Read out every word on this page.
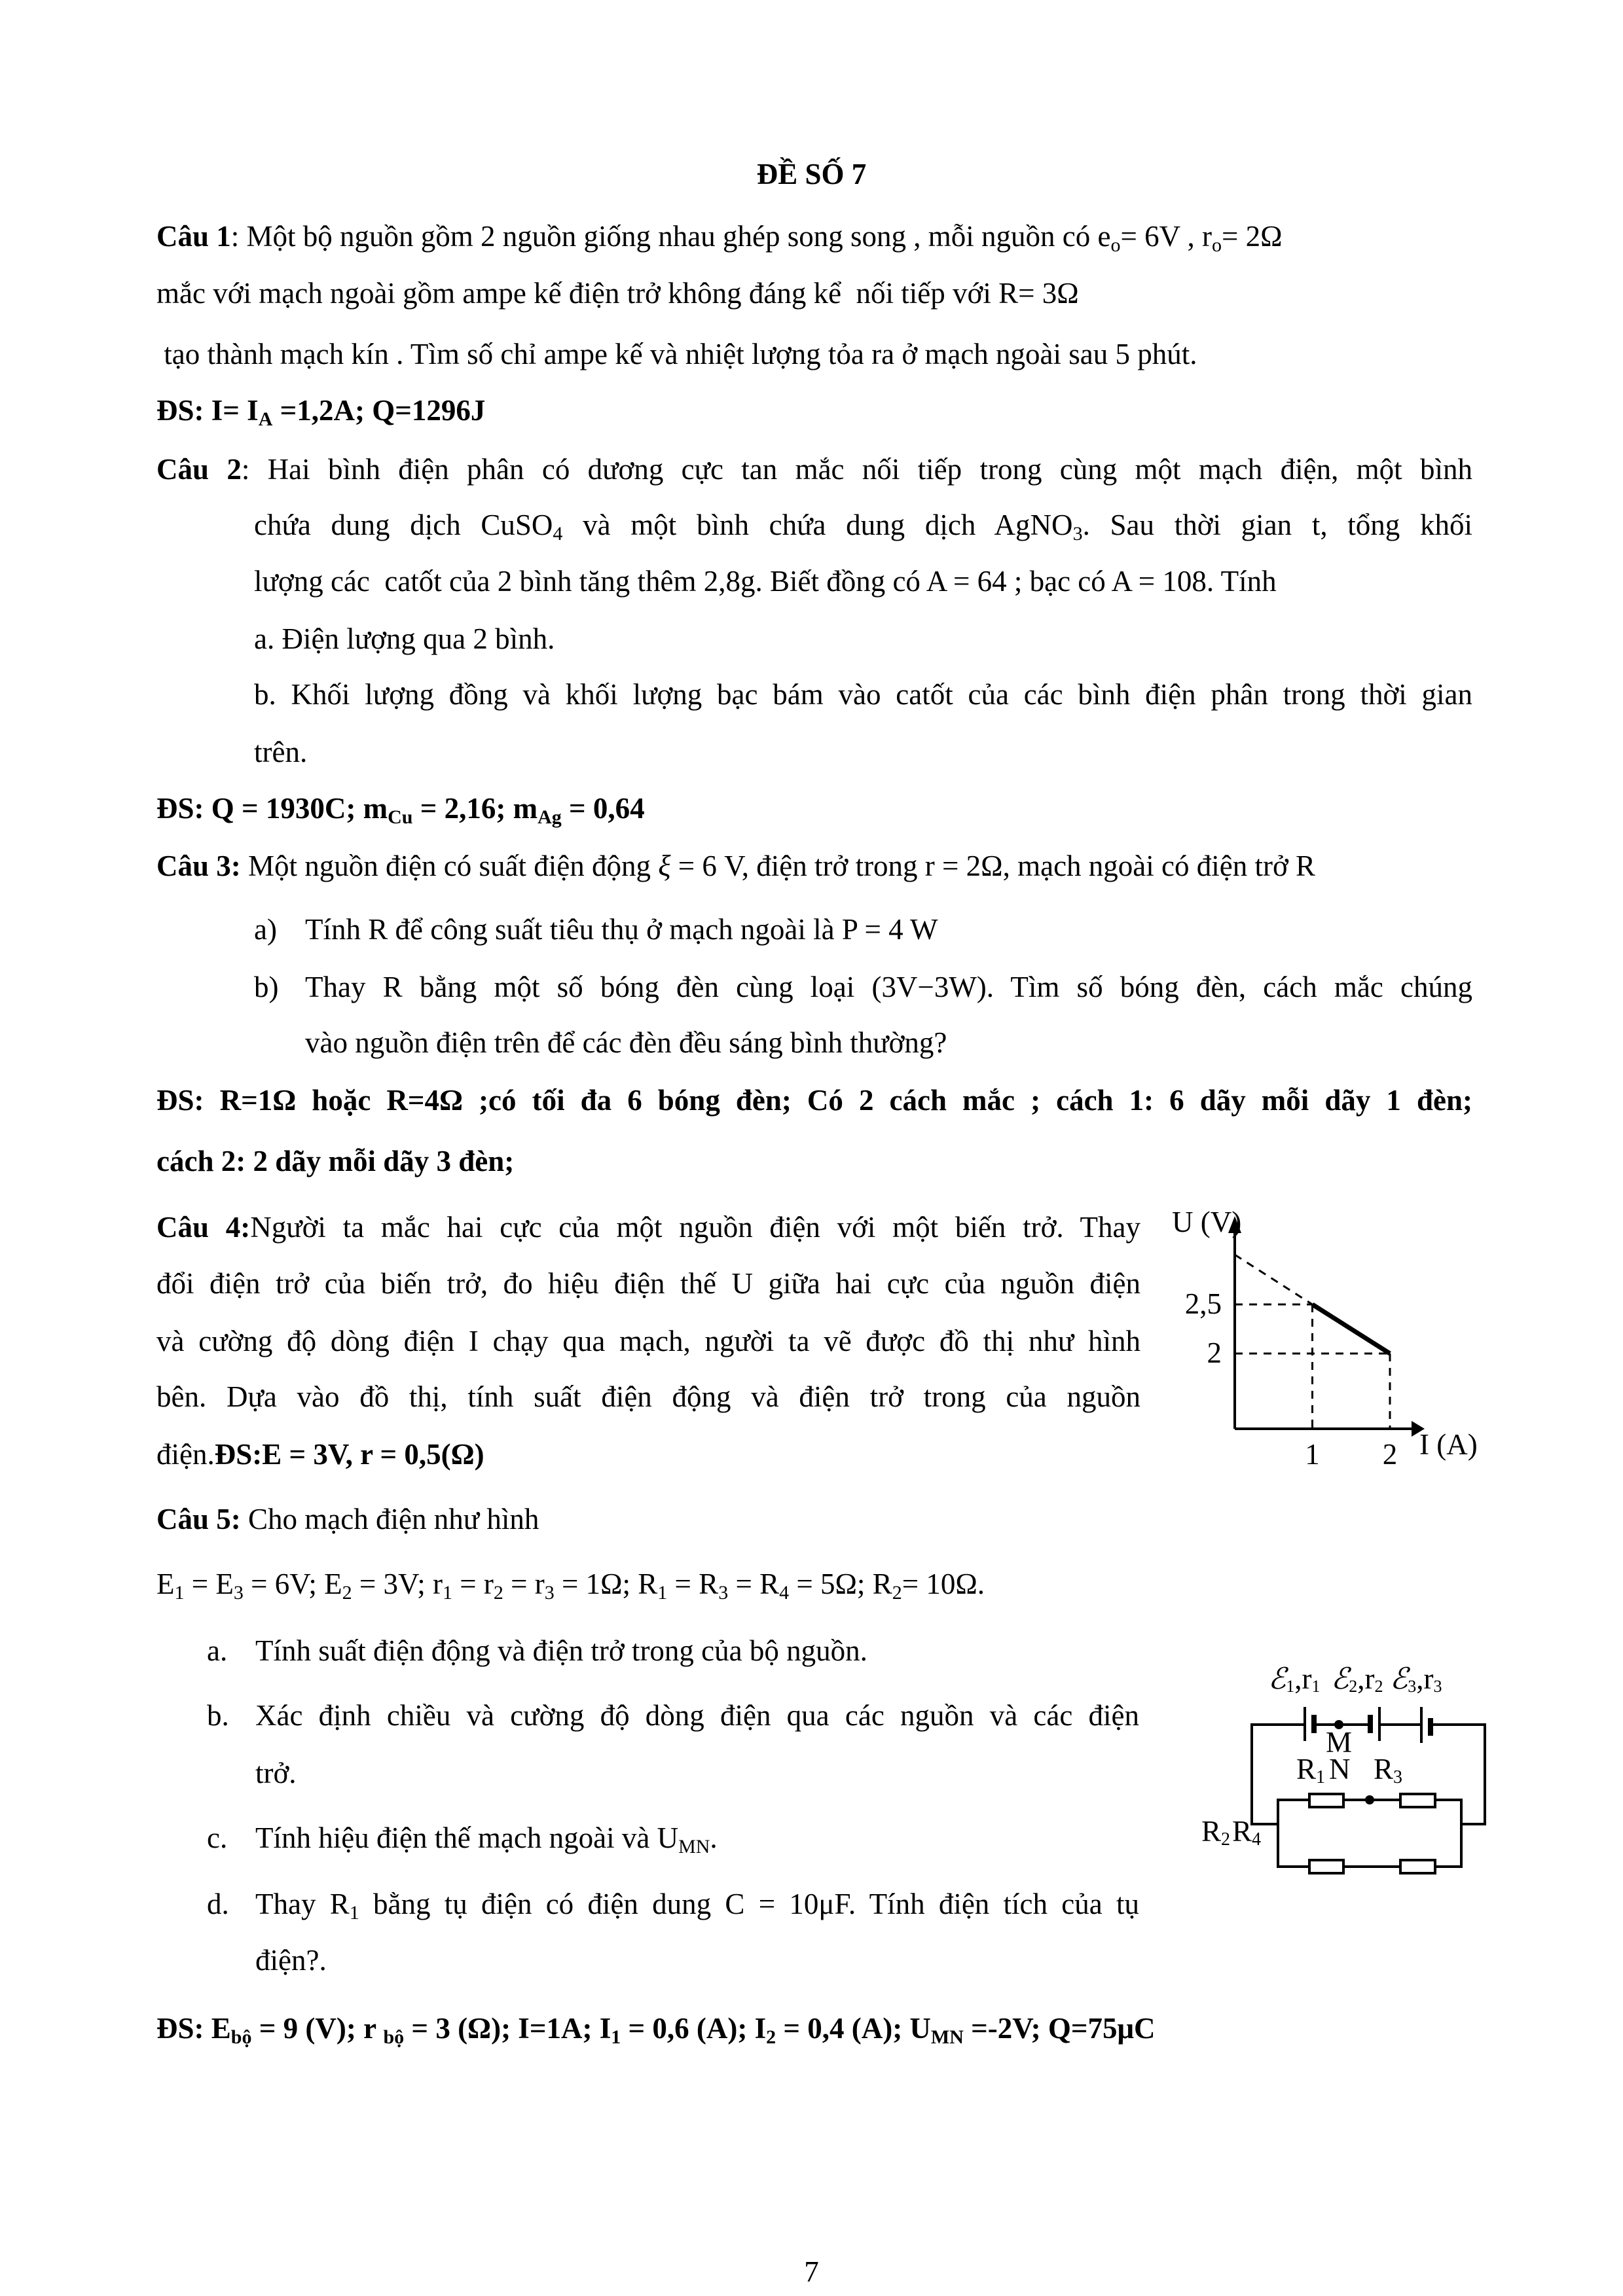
ĐỀ SỐ 7
Câu 1: Một bộ nguồn gồm 2 nguồn giống nhau ghép song song , mỗi nguồn có $e_o= 6V$ , $r_o= 2\Omega$
mắc với mạch ngoài gồm ampe kế điện trở không đáng kể  nối tiếp với R= 3Ω
tạo thành mạch kín . Tìm số chỉ ampe kế và nhiệt lượng tỏa ra ở mạch ngoài sau 5 phút.
ĐS: I= IA =1,2A; Q=1296J
Câu 2: Hai bình điện phân có dương cực tan mắc nối tiếp trong cùng một mạch điện, một bình
chứa dung dịch CuSO$_4$ và một bình chứa dung dịch AgNO$_3$. Sau thời gian t, tổng khối
lượng các  catốt của 2 bình tăng thêm 2,8g. Biết đồng có A = 64 ; bạc có A = 108. Tính
a. Điện lượng qua 2 bình.
b. Khối lượng đồng và khối lượng bạc bám vào catốt của các bình điện phân trong thời gian
trên.
ĐS: Q = 1930C; mCu = 2,16; mAg = 0,64
Câu 3: Một nguồn điện có suất điện động ξ = 6 V, điện trở trong r = 2Ω, mạch ngoài có điện trở R
a) Tính R để công suất tiêu thụ ở mạch ngoài là P = 4 W
b) Thay R bằng một số bóng đèn cùng loại (3V−3W). Tìm số bóng đèn, cách mắc chúng
vào nguồn điện trên để các đèn đều sáng bình thường?
ĐS: R=1Ω hoặc R=4Ω ;có tối đa 6 bóng đèn; Có 2 cách mắc ; cách 1: 6 dãy mỗi dãy 1 đèn;
cách 2: 2 dãy mỗi dãy 3 đèn;
Câu 4:Người ta mắc hai cực của một nguồn điện với một biến trở. Thay
đổi điện trở của biến trở, đo hiệu điện thế U giữa hai cực của nguồn điện
và cường độ dòng điện I chạy qua mạch, người ta vẽ được đồ thị như hình
bên. Dựa vào đồ thị, tính suất điện động và điện trở trong của nguồn
điện.ĐS:E = 3V, r = 0,5(Ω)
Câu 5: Cho mạch điện như hình
$E_1 = E_3 = 6V$; $E_2 = 3V$; $r_1 = r_2 = r_3 = 1\Omega$; $R_1 = R_3 = R_4 = 5\Omega$; $R_2= 10\Omega$.
a. Tính suất điện động và điện trở trong của bộ nguồn.
b. Xác định chiều và cường độ dòng điện qua các nguồn và các điện
trở.
c. Tính hiệu điện thế mạch ngoài và $U_{MN}$.
d. Thay $R_1$ bằng tụ điện có điện dung C = 10μF. Tính điện tích của tụ
điện?.
ĐS: Ebộ = 9 (V); r bộ = 3 (Ω); I=1A; I1 = 0,6 (A); I2 = 0,4 (A); UMN =-2V; Q=75μC
U (V)
I (A)
1 2
2,5
2
ℰ1,r1 ℰ2,r2 ℰ3,r3
M
R1 N R3
R2 R4
7
